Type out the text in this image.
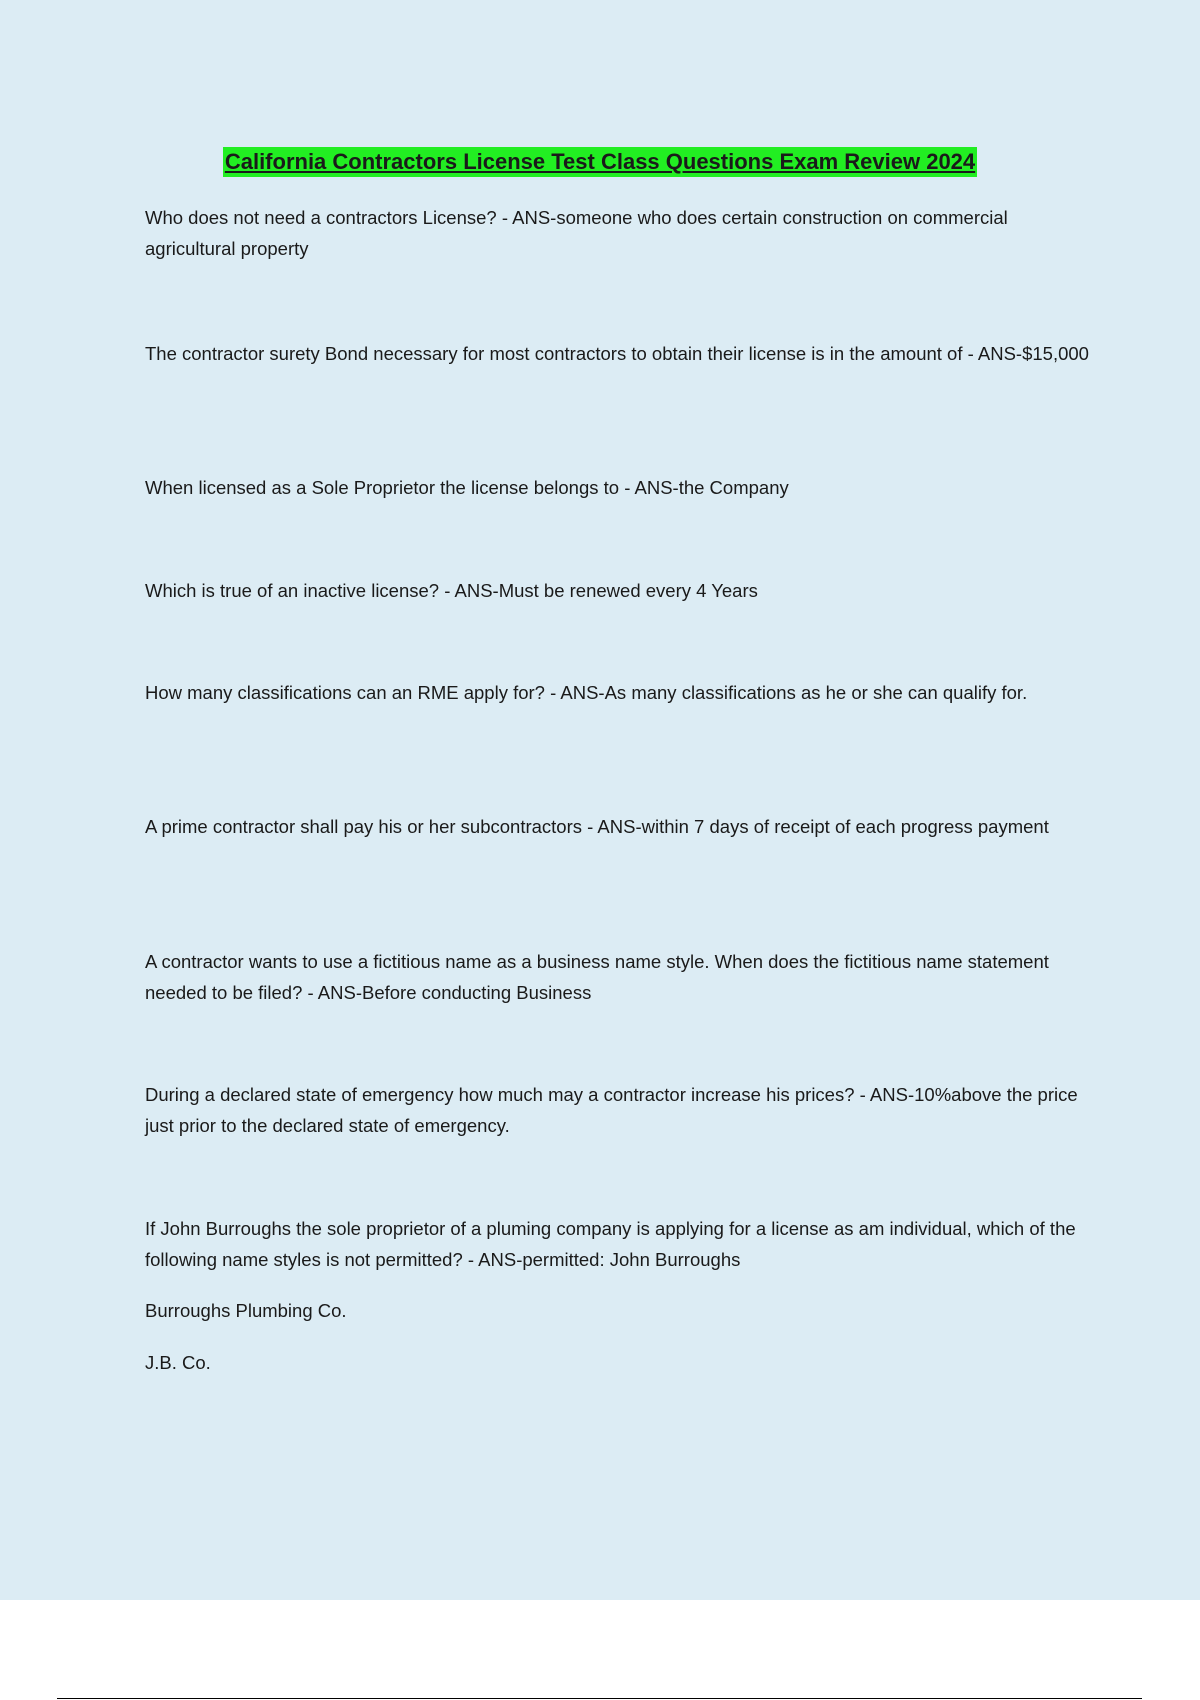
California Contractors License Test Class Questions Exam Review 2024

Who does not need a contractors License? - ANS-someone who does certain construction on commercial agricultural property

The contractor surety Bond necessary for most contractors to obtain their license is in the amount of - ANS-$15,000

When licensed as a Sole Proprietor the license belongs to - ANS-the Company

Which is true of an inactive license? - ANS-Must be renewed every 4 Years

How many classifications can an RME apply for? - ANS-As many classifications as he or she can qualify for.

A prime contractor shall pay his or her subcontractors - ANS-within 7 days of receipt of each progress payment

A contractor wants to use a fictitious name as a business name style. When does the fictitious name statement needed to be filed? - ANS-Before conducting Business

During a declared state of emergency how much may a contractor increase his prices? - ANS-10%above the price just prior to the declared state of emergency.

If John Burroughs the sole proprietor of a pluming company is applying for a license as am individual, which of the following name styles is not permitted? - ANS-permitted: John Burroughs

Burroughs Plumbing Co.

J.B. Co.
